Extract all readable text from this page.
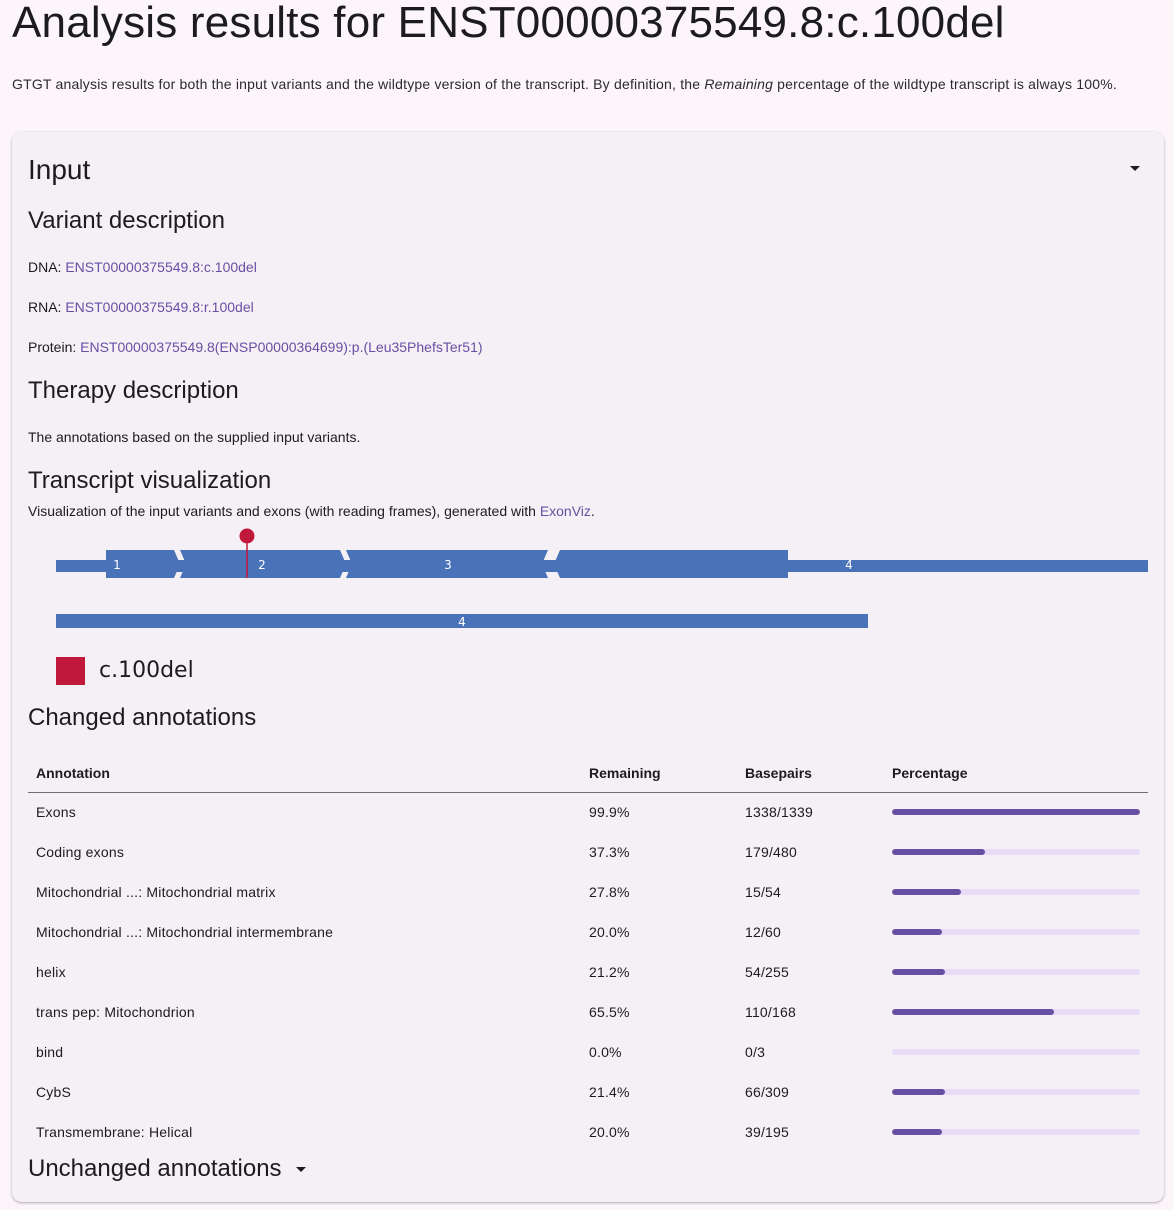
Analysis results for ENST00000375549.8:c.100del

GTGT analysis results for both the input variants and the wildtype version of the transcript. By definition, the Remaining percentage of the wildtype transcript is always 100%.

Input
Variant description
DNA: ENST00000375549.8:c.100del
RNA: ENST00000375549.8:r.100del
Protein: ENST00000375549.8(ENSP00000364699):p.(Leu35PhefsTer51)
Therapy description
The annotations based on the supplied input variants.
Transcript visualization
Visualization of the input variants and exons (with reading frames), generated with ExonViz.
1	2	3	4
4
c.100del
Changed annotations
Annotation	Remaining	Basepairs	Percentage
Exons	99.9%	1338/1339	

Coding exons	37.3%	179/480	

Mitochondrial ...: Mitochondrial matrix	27.8%	15/54	

Mitochondrial ...: Mitochondrial intermembrane	20.0%	12/60	

helix	21.2%	54/255	

trans pep: Mitochondrion	65.5%	110/168	

bind	0.0%	0/3	

CybS	21.4%	66/309	

Transmembrane: Helical	20.0%	39/195	
Unchanged annotations
